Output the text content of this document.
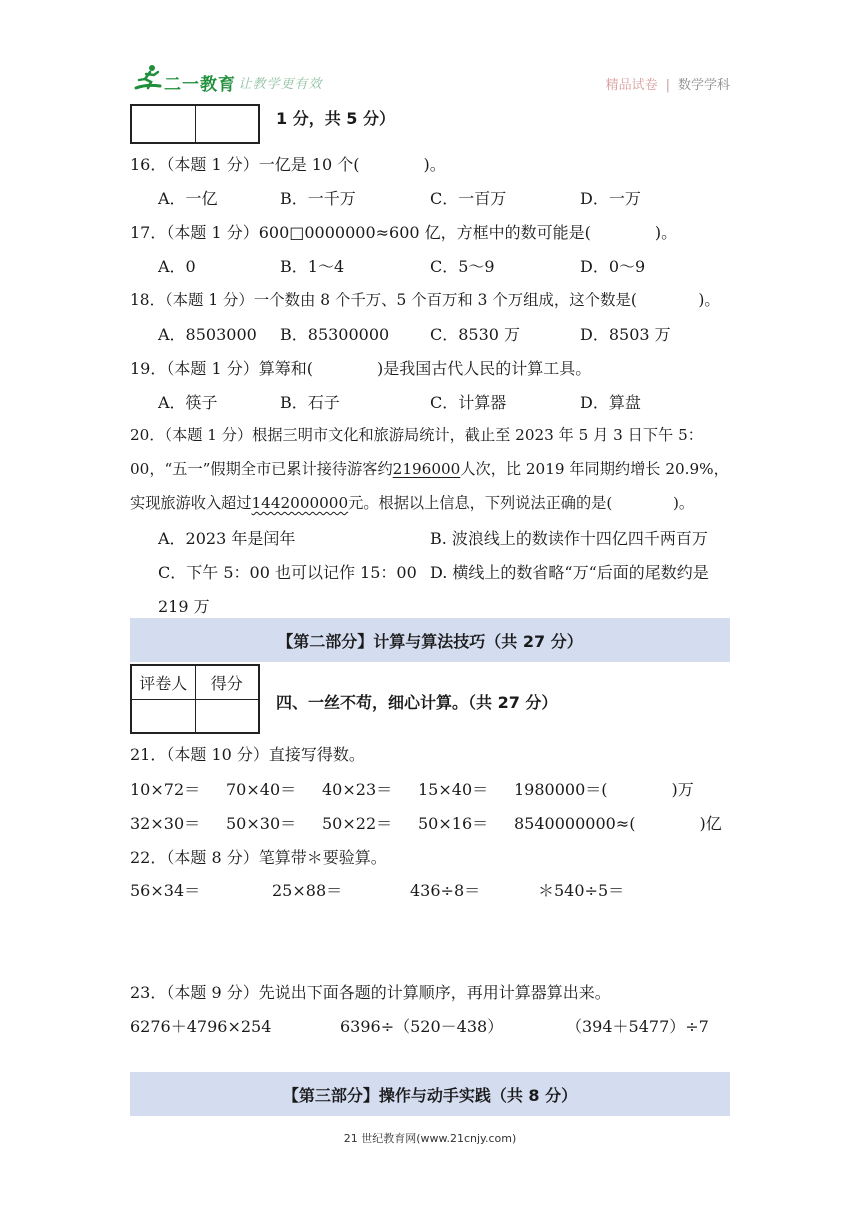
二一教育
/ 让教学更有效	精品试卷 | 数学学科
1 分，共 5 分）
16．（本题 1 分）一亿是 10 个(　　　　)。
A．一亿	B．一千万	C．一百万	D．一万
17．（本题 1 分）600□0000000≈600 亿，方框中的数可能是(　　　　)。
A．0	B．1～4	C．5～9	D．0～9
18．（本题 1 分）一个数由 8 个千万、5 个百万和 3 个万组成，这个数是(　　　　)。
A．8503000 B．85300000	C．8530 万	D．8503 万
19．（本题 1 分）算筹和(　　　　)是我国古代人民的计算工具。
A．筷子	B．石子	C．计算器	D．算盘
20．（本题 1 分）根据三明市文化和旅游局统计，截止至 2023 年 5 月 3 日下午 5：
00，“五一”假期全市已累计接待游客约2196000人次，比 2019 年同期约增长 20.9%，
实现旅游收入超过1442000000元。根据以上信息，下列说法正确的是(　　　　)。
A．2023 年是闰年	B. 波浪线上的数读作十四亿四千两百万
C．下午 5：00 也可以记作 15：00 D. 横线上的数省略“万“后面的尾数约是
219 万
【第二部分】计算与算法技巧（共 27 分）
评卷人	得分
四、一丝不苟，细心计算。（共 27 分）
21．（本题 10 分）直接写得数。
10×72＝ 70×40＝ 40×23＝ 15×40＝ 1980000＝(　　　　)万
32×30＝ 50×30＝ 50×22＝ 50×16＝ 8540000000≈(　　　　)亿
22．（本题 8 分）笔算带＊要验算。
56×34＝	25×88＝	436÷8＝	＊540÷5＝
23．（本题 9 分）先说出下面各题的计算顺序，再用计算器算出来。
6276＋4796×254	6396÷（520－438）	（394＋5477）÷7
【第三部分】操作与动手实践（共 8 分）
21 世纪教育网(www.21cnjy.com)
